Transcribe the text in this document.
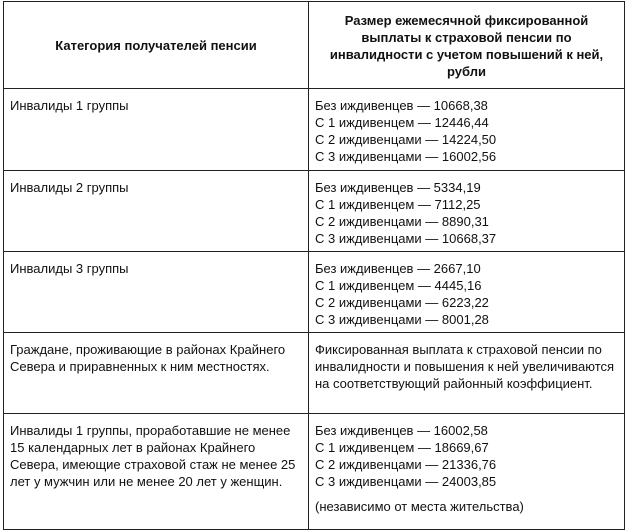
Категория получателей пенсии	Размер ежемесячной фиксированной выплаты к страховой пенсии по инвалидности с учетом повышений к ней, рубли
Инвалиды 1 группы	Без иждивенцев — 10668,38
С 1 иждивенцем — 12446,44
С 2 иждивенцами — 14224,50
С 3 иждивенцами — 16002,56

Инвалиды 2 группы	Без иждивенцев — 5334,19
С 1 иждивенцем — 7112,25
С 2 иждивенцами — 8890,31
С 3 иждивенцами — 10668,37

Инвалиды 3 группы	Без иждивенцев — 2667,10
С 1 иждивенцем — 4445,16
С 2 иждивенцами — 6223,22
С 3 иждивенцами — 8001,28

Граждане, проживающие в районах Крайнего Севера и приравненных к ним местностях.	Фиксированная выплата к страховой пенсии по инвалидности и повышения к ней увеличиваются на соответствующий районный коэффициент.
Инвалиды 1 группы, проработавшие не менее 15 календарных лет в районах Крайнего Севера, имеющие страховой стаж не менее 25 лет у мужчин или не менее 20 лет у женщин.	Без иждивенцев — 16002,58
С 1 иждивенцем — 18669,67
С 2 иждивенцами — 21336,76
С 3 иждивенцами — 24003,85
(независимо от места жительства)
